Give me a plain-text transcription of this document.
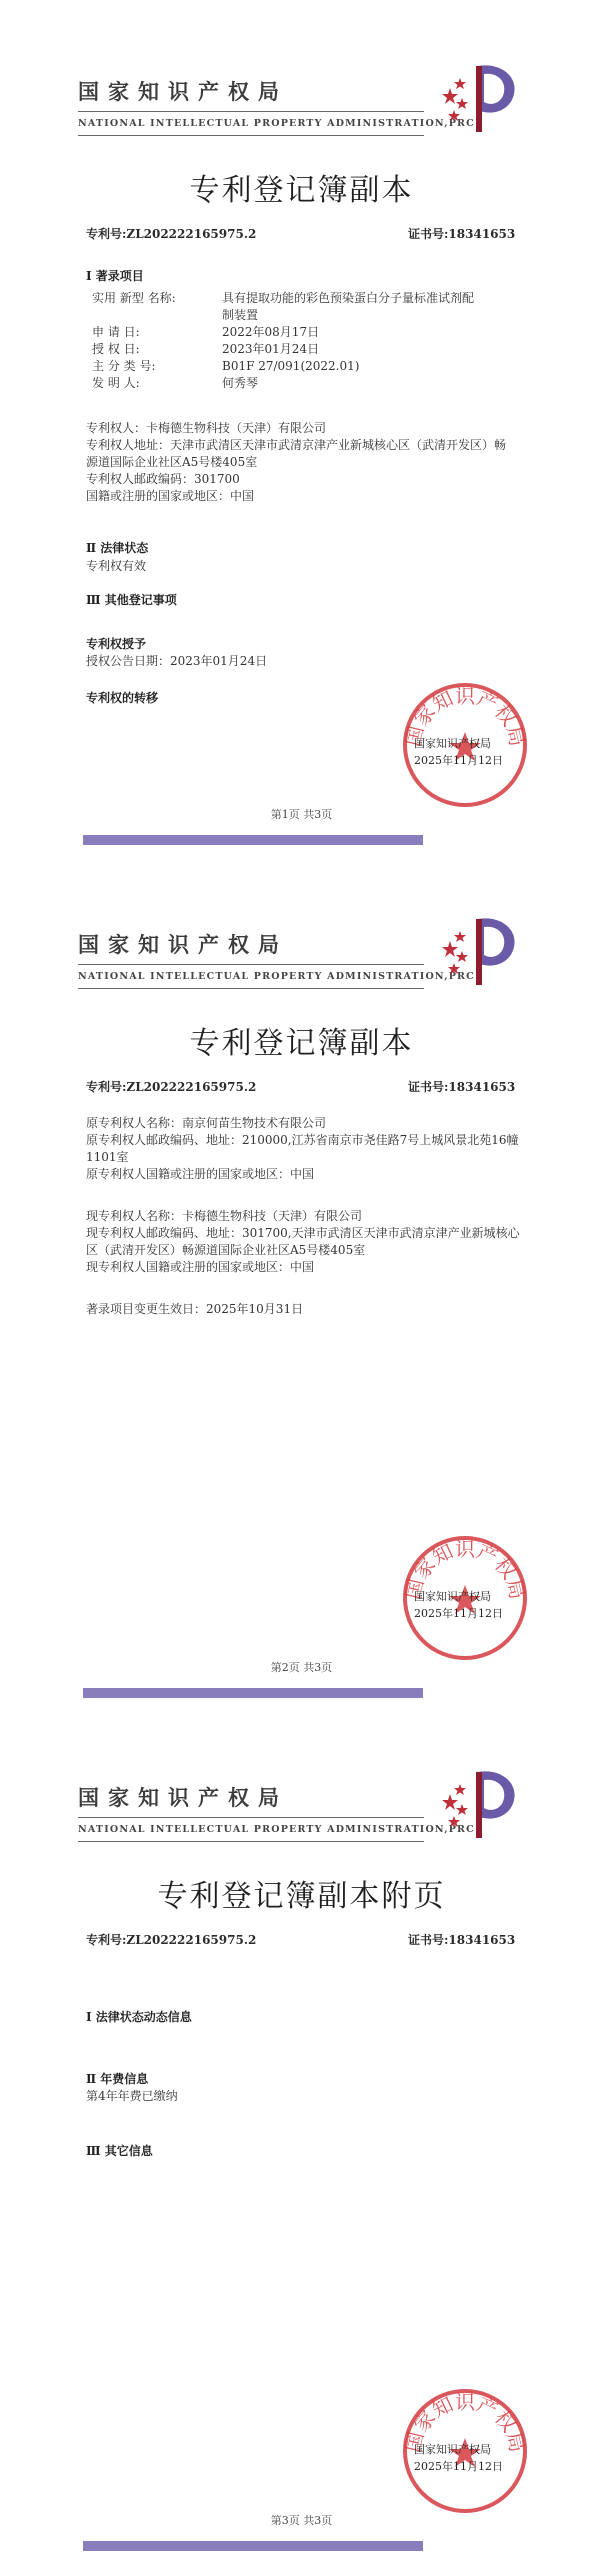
国家知识产权局
NATIONAL INTELLECTUAL PROPERTY ADMINISTRATION,PRC
专利登记簿副本
专利号:ZL202222165975.2	证书号:18341653
Ⅰ 著录项目
实用 新型 名称:	具有提取功能的彩色预染蛋白分子量标准试剂配
制装置
申 请 日:	2022年08月17日
授 权 日:	2023年01月24日
主 分 类 号:	B01F 27/091(2022.01)
发 明 人:	何秀琴
专利权人：卡梅德生物科技（天津）有限公司
专利权人地址：天津市武清区天津市武清京津产业新城核心区（武清开发区）畅
源道国际企业社区A5号楼405室
专利权人邮政编码：301700
国籍或注册的国家或地区：中国
Ⅱ 法律状态
专利权有效
Ⅲ 其他登记事项
专利权授予
授权公告日期：2023年01月24日
专利权的转移
国家知识产权局
国家知识产权局
2025年11月12日
第1页 共3页
国家知识产权局
NATIONAL INTELLECTUAL PROPERTY ADMINISTRATION,PRC
专利登记簿副本
专利号:ZL202222165975.2	证书号:18341653
原专利权人名称：南京何苗生物技术有限公司
原专利权人邮政编码、地址：210000,江苏省南京市尧佳路7号上城风景北苑16幢
1101室
原专利权人国籍或注册的国家或地区：中国
现专利权人名称：卡梅德生物科技（天津）有限公司
现专利权人邮政编码、地址：301700,天津市武清区天津市武清京津产业新城核心
区（武清开发区）畅源道国际企业社区A5号楼405室
现专利权人国籍或注册的国家或地区：中国
著录项目变更生效日：2025年10月31日
国家知识产权局
国家知识产权局
2025年11月12日
第2页 共3页
国家知识产权局
NATIONAL INTELLECTUAL PROPERTY ADMINISTRATION,PRC
专利登记簿副本附页
专利号:ZL202222165975.2	证书号:18341653
Ⅰ 法律状态动态信息
Ⅱ 年费信息
第4年年费已缴纳
Ⅲ 其它信息
国家知识产权局
国家知识产权局
2025年11月12日
第3页 共3页
